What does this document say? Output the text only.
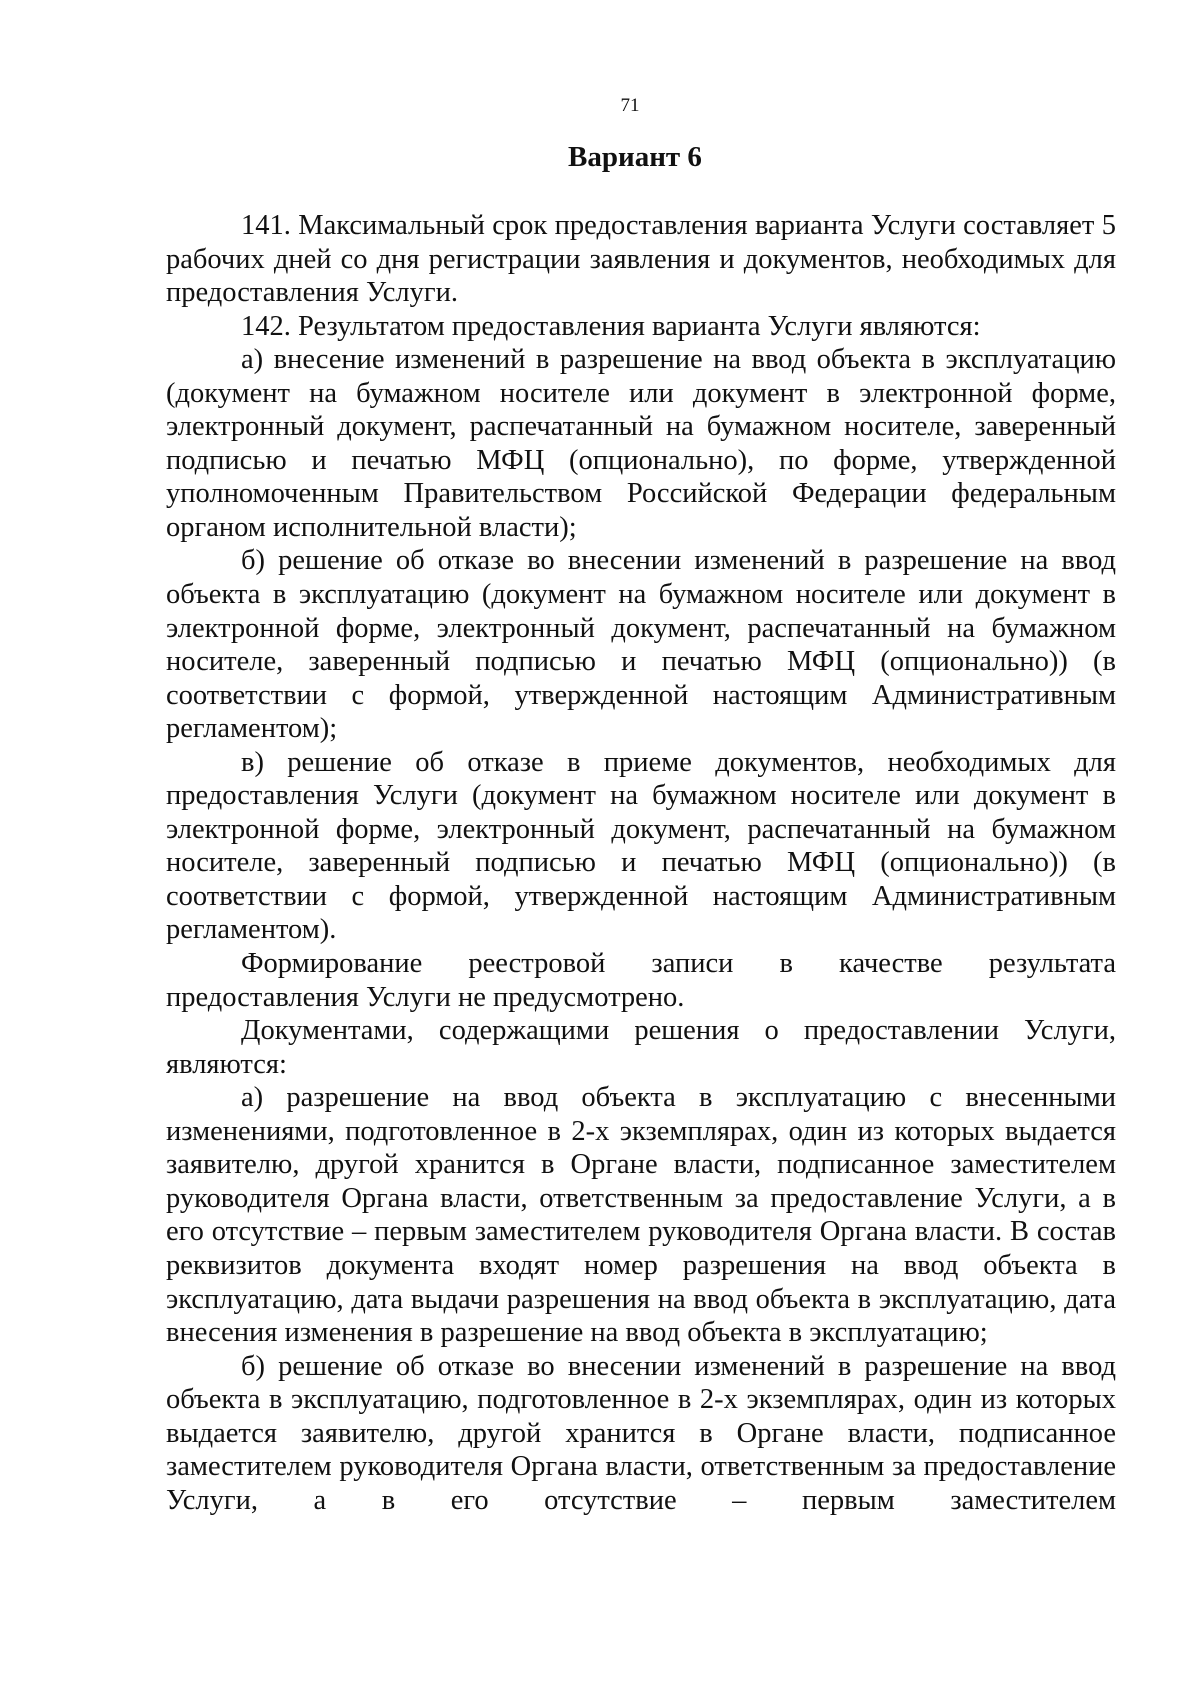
71
Вариант 6

141. Максимальный срок предоставления варианта Услуги составляет 5 рабочих дней со дня регистрации заявления и документов, необходимых для предоставления Услуги.

142. Результатом предоставления варианта Услуги являются:

а) внесение изменений в разрешение на ввод объекта в эксплуатацию (документ на бумажном носителе или документ в электронной форме, электронный документ, распечатанный на бумажном носителе, заверенный подписью и печатью МФЦ (опционально), по форме, утвержденной уполномоченным Правительством Российской Федерации федеральным органом исполнительной власти);

б) решение об отказе во внесении изменений в разрешение на ввод объекта в эксплуатацию (документ на бумажном носителе или документ в электронной форме, электронный документ, распечатанный на бумажном носителе, заверенный подписью и печатью МФЦ (опционально)) (в соответствии с формой, утвержденной настоящим Административным регламентом);

в) решение об отказе в приеме документов, необходимых для предоставления Услуги (документ на бумажном носителе или документ в электронной форме, электронный документ, распечатанный на бумажном носителе, заверенный подписью и печатью МФЦ (опционально)) (в соответствии с формой, утвержденной настоящим Административным регламентом).

Формирование реестровой записи в качестве результата предоставления Услуги не предусмотрено.

Документами, содержащими решения о предоставлении Услуги, являются:

а) разрешение на ввод объекта в эксплуатацию с внесенными изменениями, подготовленное в 2-х экземплярах, один из которых выдается заявителю, другой хранится в Органе власти, подписанное заместителем руководителя Органа власти, ответственным за предоставление Услуги, а в его отсутствие – первым заместителем руководителя Органа власти. В состав реквизитов документа входят номер разрешения на ввод объекта в эксплуатацию, дата выдачи разрешения на ввод объекта в эксплуатацию, дата внесения изменения в разрешение на ввод объекта в эксплуатацию;

б) решение об отказе во внесении изменений в разрешение на ввод объекта в эксплуатацию, подготовленное в 2-х экземплярах, один из которых выдается заявителю, другой хранится в Органе власти, подписанное заместителем руководителя Органа власти, ответственным за предоставление Услуги, а в его отсутствие – первым заместителем
